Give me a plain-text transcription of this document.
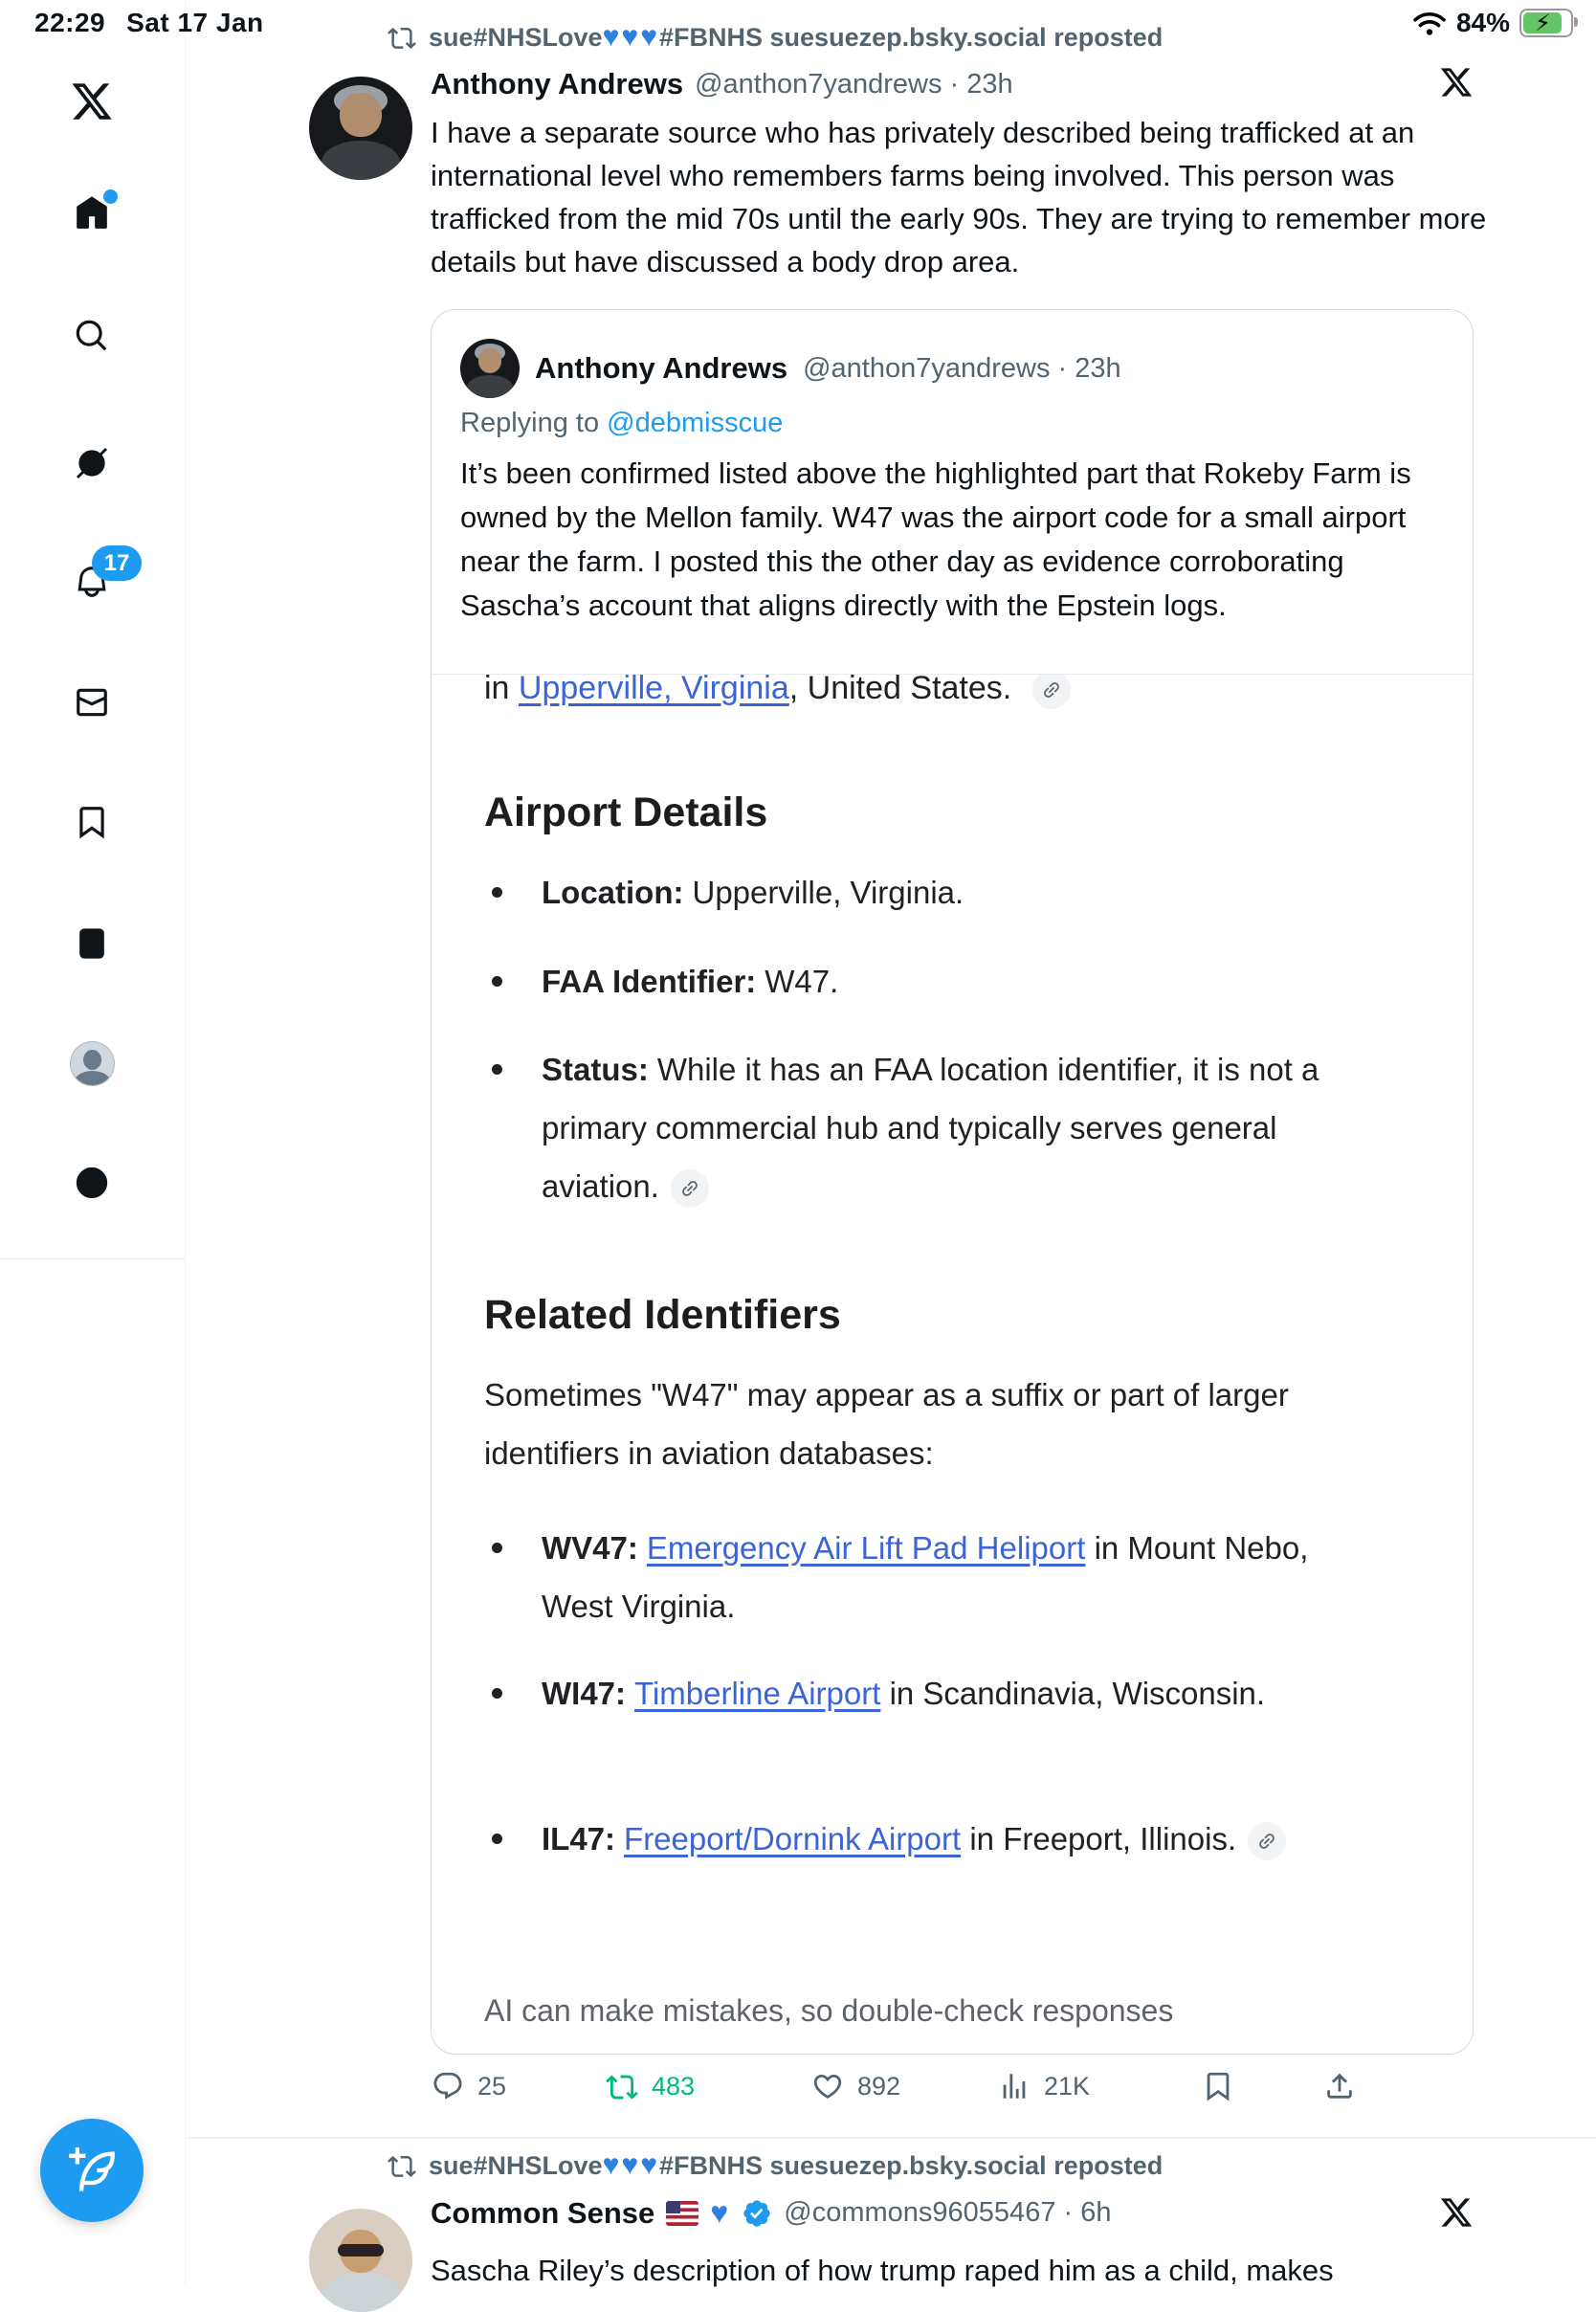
17
22:29 Sat 17 Jan	84% ⚡︎
sue#NHSLove♥♥♥#FBNHS suesuezep.bsky.social reposted
Anthony Andrews @anthon7yandrews · 23h

I have a separate source who has privately described being trafficked at an international level who remembers farms being involved. This person was trafficked from the mid 70s until the early 90s. They are trying to remember more details but have discussed a body drop area.

Anthony Andrews @anthon7yandrews · 23h
Replying to @debmisscue

It’s been confirmed listed above the highlighted part that Rokeby Farm is owned by the Mellon family. W47 was the airport code for a small airport near the farm. I posted this the other day as evidence corroborating Sascha’s account that aligns directly with the Epstein logs.

in Upperville, Virginia, United States.
Airport Details
Location: Upperville, Virginia.
FAA Identifier: W47.
Status: While it has an FAA location identifier, it is not a primary commercial hub and typically serves general aviation.
Related Identifiers
Sometimes "W47" may appear as a suffix or part of larger identifiers in aviation databases:
WV47: Emergency Air Lift Pad Heliport in Mount Nebo, West Virginia.
WI47: Timberline Airport in Scandinavia, Wisconsin.
IL47: Freeport/Dornink Airport in Freeport, Illinois.
AI can make mistakes, so double-check responses
25	483	892	21K
sue#NHSLove♥♥♥#FBNHS suesuezep.bsky.social reposted
Common Sense ♥ @commons96055467 · 6h

Sascha Riley’s description of how trump raped him as a child, makes
